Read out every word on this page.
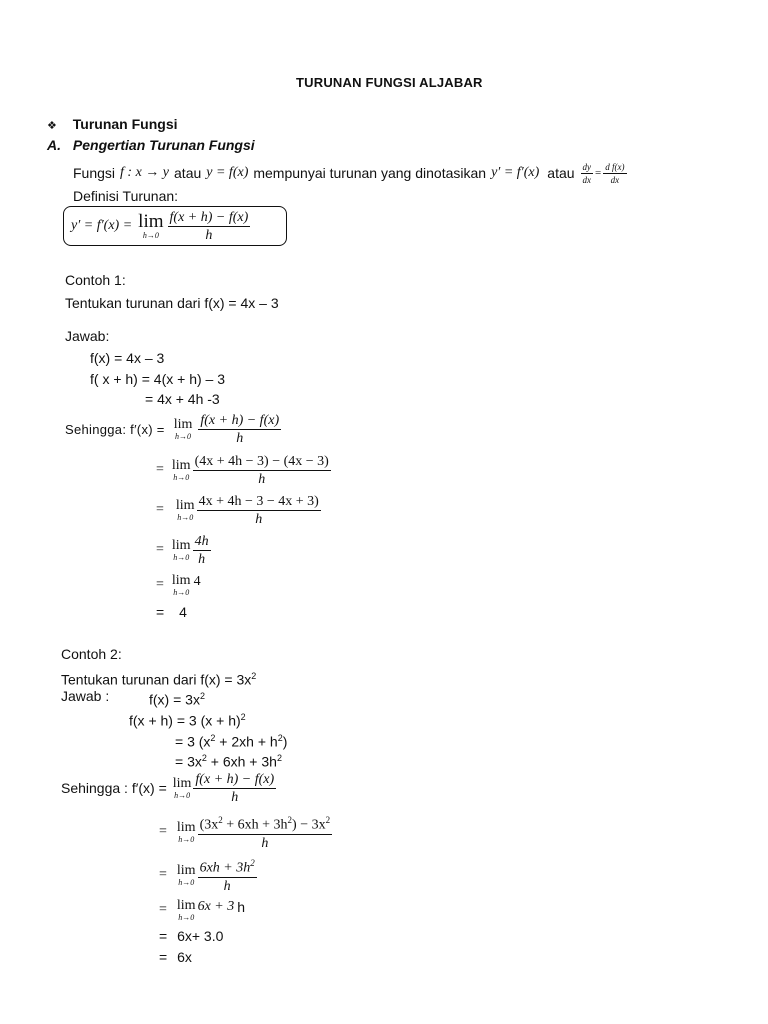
TURUNAN FUNGSI ALJABAR
❖ Turunan Fungsi
A. Pengertian Turunan Fungsi
Fungsi f : x → y atau y = f(x) mempunyai turunan yang dinotasikan y′ = f′(x) atau $\frac{dy}{dx} = \frac{\text{d f(x)}}{dx}$
Definisi Turunan:
y′ = f′(x) = lim
$h\to 0 \frac{f(x + h) - f(x)}{h}$
Contoh 1:
Tentukan turunan dari f(x) = 4x – 3
Jawab:
f(x) = 4x – 3
f( x + h) = 4(x + h) – 3
= 4x + 4h -3
Sehingga: f′(x) = lim
$h\to 0 \frac{f(x + h) - f(x)}{h}$
= lim
$h\to 0 \frac{(4x + 4h - 3) - (4x - 3)}{h}$
= lim
$h\to 0 \frac{4x + 4h - 3 - 4x + 3)}{h}$
= lim
$h\to 0 \frac{4h}{h}$
= lim
h→0
4
= 4
Contoh 2:
Tentukan turunan dari $f(x) = 3x^2$
Jawab :	$f(x) = 3x^2$
f(x + h) = 3 $(x + h)^2$
= 3 $(x^2 + 2xh + h^2)$
= $3x^2 + 6xh + 3h^2$
Sehingga : f′(x) = lim
$h\to 0 \frac{f(x + h) - f(x)}{h}$
= lim
$h\to 0 \frac{(3x^2 + 6xh + 3h^2) - 3x^2}{h}$
= lim
$h\to 0 \frac{6xh + 3h^2}{h}$
= lim
h→0
6x + 3 h
= 6x+ 3.0
= 6x
